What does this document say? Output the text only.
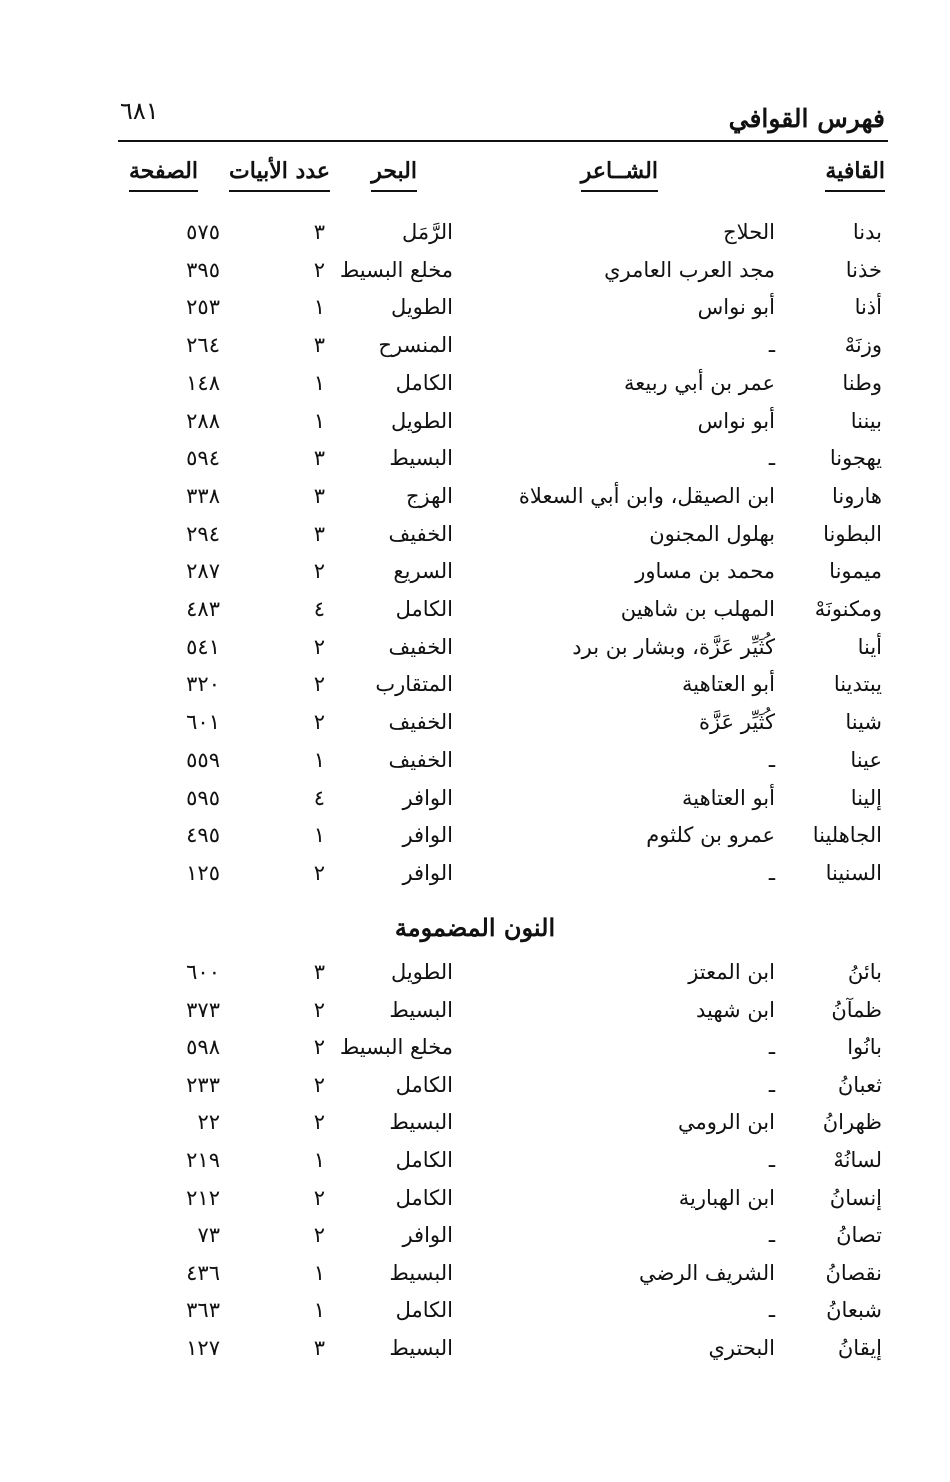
فهرس القوافي
٦٨١
القافية
الشــاعر
البحر
عدد الأبيات
الصفحة
بدنا
الحلاج
الرَّمَل
٣
٥٧٥
خذنا
مجد العرب العامري
مخلع البسيط
٢
٣٩٥
أذنا
أبو نواس
الطويل
١
٢٥٣
وزنَهْ
ـ
المنسرح
٣
٢٦٤
وطنا
عمر بن أبي ربيعة
الكامل
١
١٤٨
بيننا
أبو نواس
الطويل
١
٢٨٨
يهجونا
ـ
البسيط
٣
٥٩٤
هارونا
ابن الصيقل، وابن أبي السعلاة
الهزج
٣
٣٣٨
البطونا
بهلول المجنون
الخفيف
٣
٢٩٤
ميمونا
محمد بن مساور
السريع
٢
٢٨٧
ومكنونَهْ
المهلب بن شاهين
الكامل
٤
٤٨٣
أينا
كُثَيِّر عَزَّة، وبشار بن برد
الخفيف
٢
٥٤١
يبتدينا
أبو العتاهية
المتقارب
٢
٣٢٠
شينا
كُثَيِّر عَزَّة
الخفيف
٢
٦٠١
عينا
ـ
الخفيف
١
٥٥٩
إلينا
أبو العتاهية
الوافر
٤
٥٩٥
الجاهلينا
عمرو بن كلثوم
الوافر
١
٤٩٥
السنينا
ـ
الوافر
٢
١٢٥
النون المضمومة
بائنُ
ابن المعتز
الطويل
٣
٦٠٠
ظمآنُ
ابن شهيد
البسيط
٢
٣٧٣
بانُوا
ـ
مخلع البسيط
٢
٥٩٨
ثعبانُ
ـ
الكامل
٢
٢٣٣
ظهرانُ
ابن الرومي
البسيط
٢
٢٢
لسانُهْ
ـ
الكامل
١
٢١٩
إنسانُ
ابن الهبارية
الكامل
٢
٢١٢
تصانُ
ـ
الوافر
٢
٧٣
نقصانُ
الشريف الرضي
البسيط
١
٤٣٦
شبعانُ
ـ
الكامل
١
٣٦٣
إيقانُ
البحتري
البسيط
٣
١٢٧
